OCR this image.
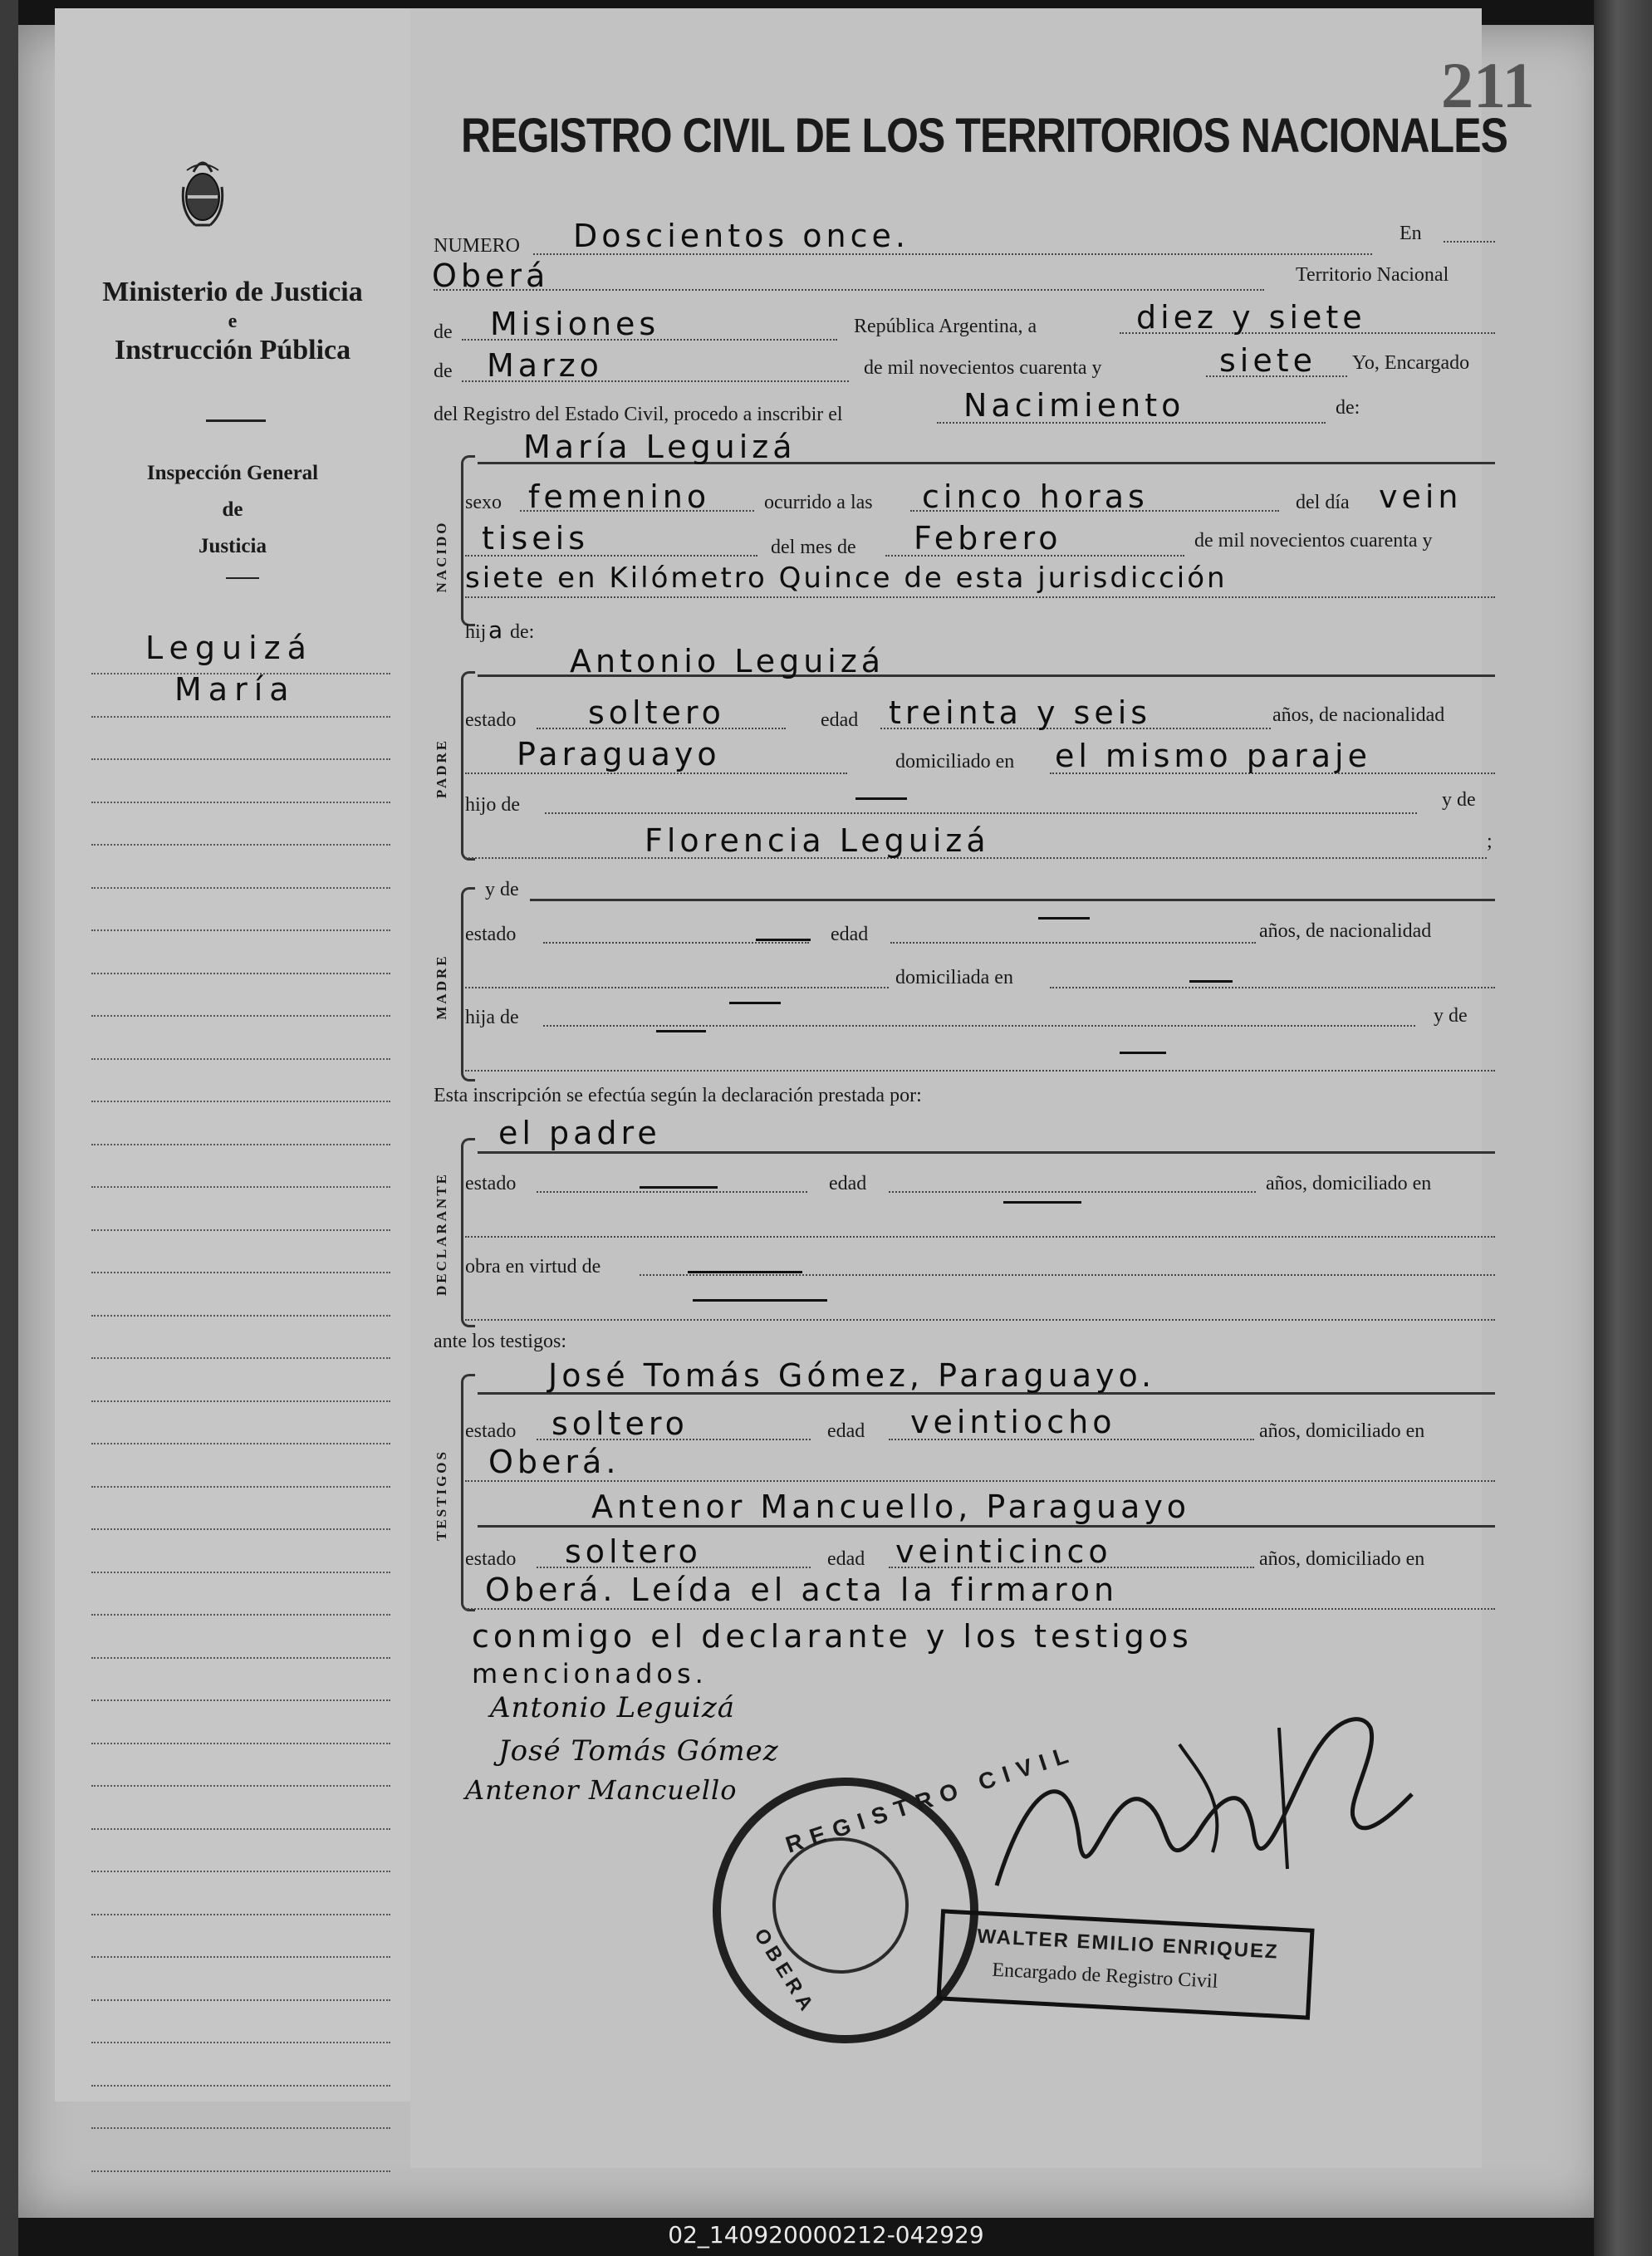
Ministerio de Justicia
e
Instrucción Pública
Inspección General
de
Justicia
Leguizá
María
211
REGISTRO CIVIL DE LOS TERRITORIOS NACIONALES
NUMERO Doscientos once.	En
Oberá	Territorio Nacional
de Misiones	República Argentina, a	diez y siete
de Marzo	de mil novecientos cuarenta y	siete Yo, Encargado
del Registro del Estado Civil, procedo a inscribir el	Nacimiento	de:
NACIDO
María Leguizá
sexo femenino	ocurrido a las cinco horas	del día vein
tiseis	del mes de Febrero	de mil novecientos cuarenta y
siete en Kilómetro Quince de esta jurisdicción
hij a de:
PADRE
Antonio Leguizá
estado soltero	edad treinta y seis	años, de nacionalidad
Paraguayo	domiciliado en el mismo paraje
hijo de	y de
Florencia Leguizá	;
MADRE
y de
estado	edad	años, de nacionalidad
domiciliada en
hija de	y de
Esta inscripción se efectúa según la declaración prestada por:
DECLARANTE
el padre
estado	edad	años, domiciliado en
obra en virtud de
ante los testigos:
TESTIGOS
José Tomás Gómez, Paraguayo.
estado soltero	edad veintiocho	años, domiciliado en
Oberá.
Antenor Mancuello, Paraguayo
estado soltero	edad veinticinco	años, domiciliado en
Oberá. Leída el acta la firmaron
conmigo el declarante y los testigos
mencionados.
Antonio Leguizá
José Tomás Gómez
Antenor Mancuello REGISTRO CIVIL
OBERA	WALTER EMILIO ENRIQUEZ
Encargado de Registro Civil
02_140920000212-042929
